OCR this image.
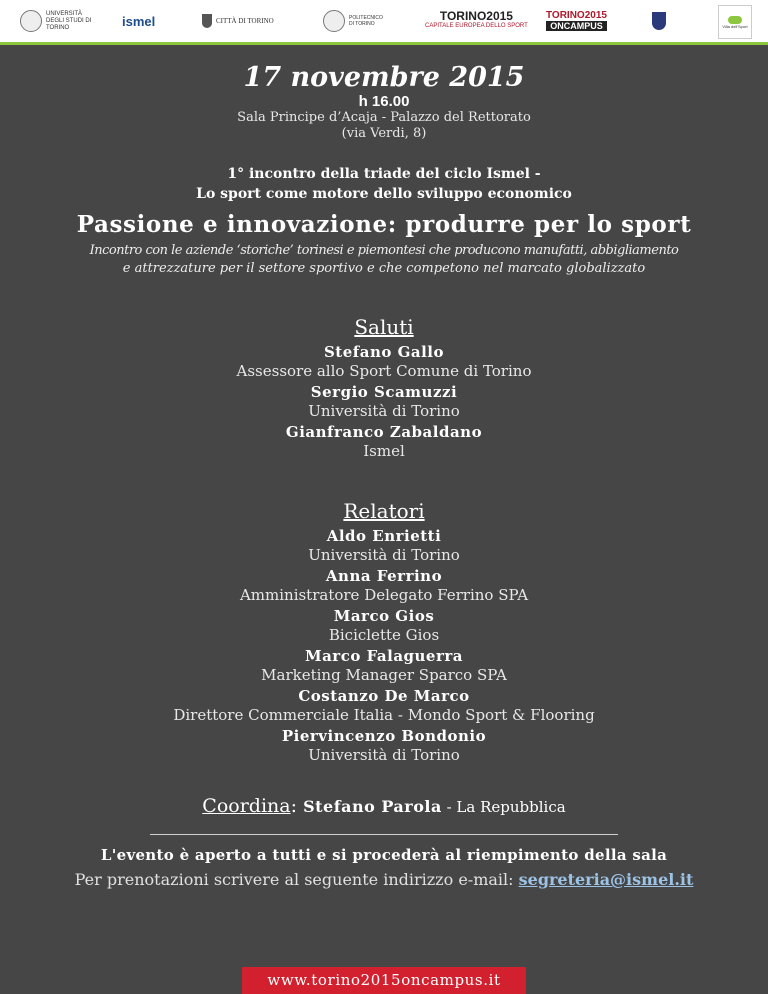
UNIVERSITÀ DEGLI STUDI DI TORINO	ismel	CITTÀ DI TORINO	POLITECNICO DI TORINO
TORINO2015
CAPITALE EUROPEA DELLO SPORT
TORINO2015
ONCAMPUS	Villa dell'Sport
17 novembre 2015
h 16.00
Sala Principe d’Acaja - Palazzo del Rettorato
(via Verdi, 8)
1° incontro della triade del ciclo Ismel -
Lo sport come motore dello sviluppo economico
Passione e innovazione: produrre per lo sport
Incontro con le aziende ‘storiche’ torinesi e piemontesi che producono manufatti, abbigliamento
e attrezzature per il settore sportivo e che competono nel marcato globalizzato
Saluti
Stefano Gallo
Assessore allo Sport Comune di Torino
Sergio Scamuzzi
Università di Torino
Gianfranco Zabaldano
Ismel
Relatori
Aldo Enrietti
Università di Torino
Anna Ferrino
Amministratore Delegato Ferrino SPA
Marco Gios
Biciclette Gios
Marco Falaguerra
Marketing Manager Sparco SPA
Costanzo De Marco
Direttore Commerciale Italia - Mondo Sport & Flooring
Piervincenzo Bondonio
Università di Torino
Coordina: Stefano Parola - La Repubblica
L'evento è aperto a tutti e si procederà al riempimento della sala
Per prenotazioni scrivere al seguente indirizzo e-mail: segreteria@ismel.it
www.torino2015oncampus.it
